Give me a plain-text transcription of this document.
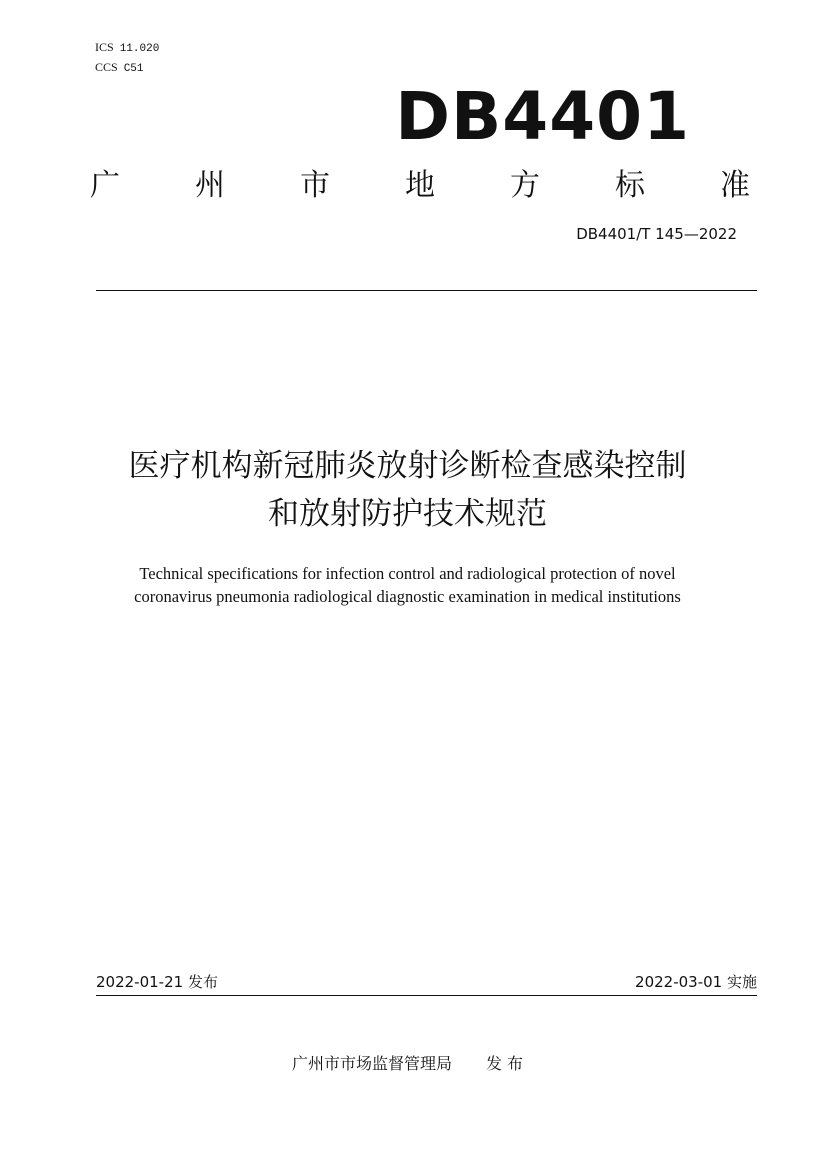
ICS 11.020
CCS C51
DB4401
广	州	市	地	方	标	准
DB4401/T 145—2022
医疗机构新冠肺炎放射诊断检查感染控制
和放射防护技术规范
Technical specifications for infection control and radiological protection of novel
coronavirus pneumonia radiological diagnostic examination in medical institutions
2022-01-21 发布	2022-03-01 实施
广州市市场监督管理局 发 布
